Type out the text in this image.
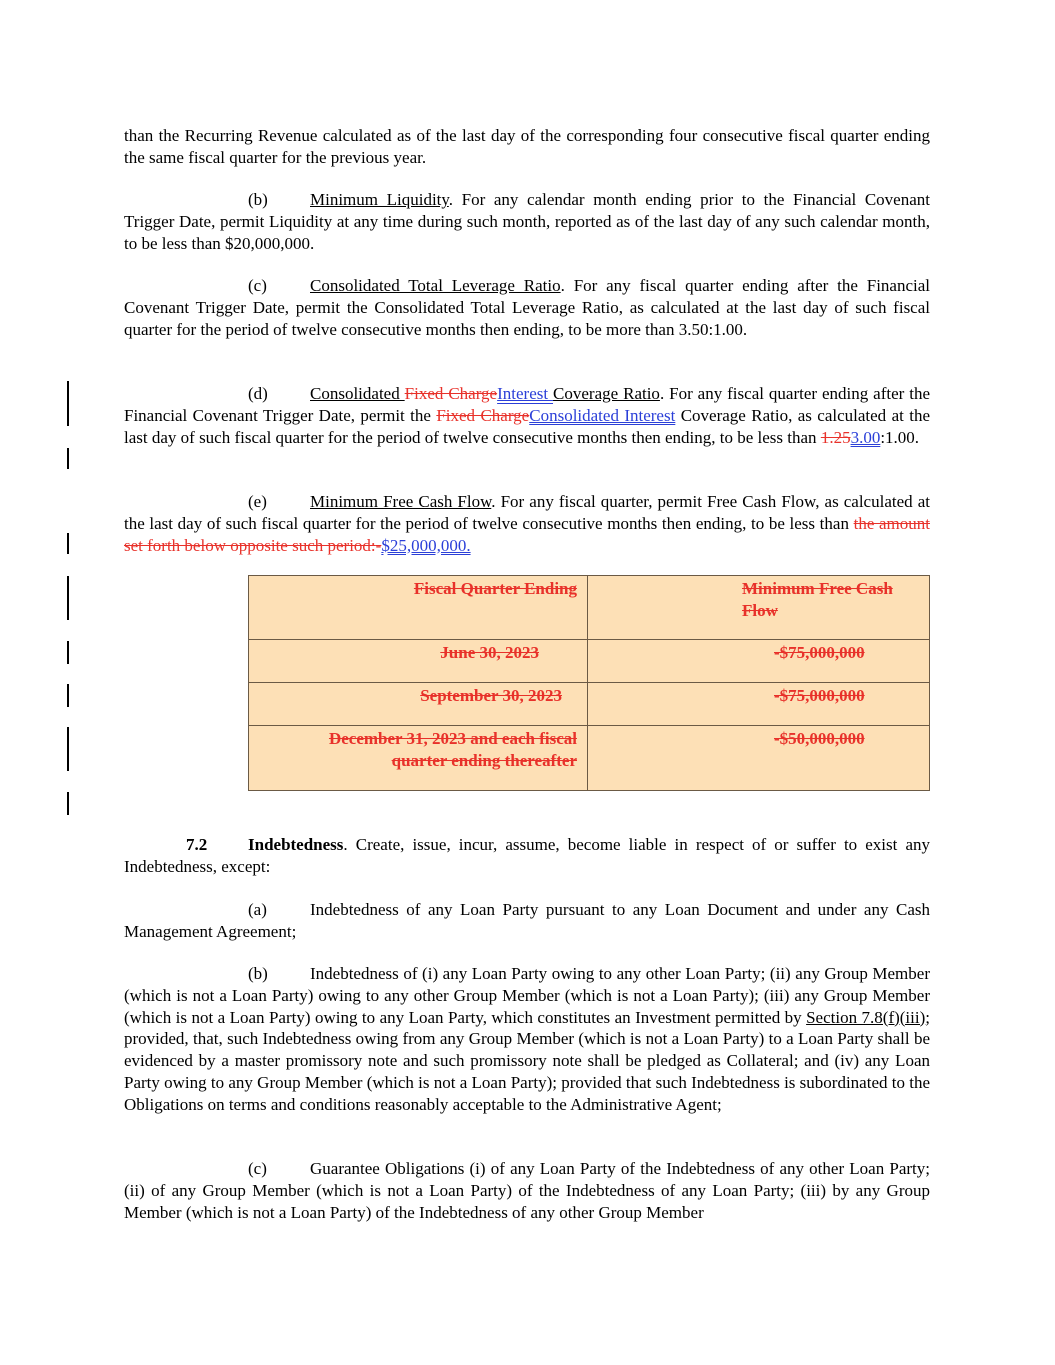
than the Recurring Revenue calculated as of the last day of the corresponding four consecutive fiscal quarter ending the same fiscal quarter for the previous year.

(b) Minimum Liquidity. For any calendar month ending prior to the Financial Covenant Trigger Date, permit Liquidity at any time during such month, reported as of the last day of any such calendar month, to be less than $20,000,000.

(c)	Consolidated Total Leverage Ratio. For any fiscal quarter ending after the Financial Covenant Trigger Date, permit the Consolidated Total Leverage Ratio, as calculated at the last day of such fiscal quarter for the period of twelve consecutive months then ending, to be more than 3.50:1.00.

(d) Consolidated Fixed ChargeInterest Coverage Ratio. For any fiscal quarter ending after the Financial Covenant Trigger Date, permit the Fixed ChargeConsolidated Interest Coverage Ratio, as calculated at the last day of such fiscal quarter for the period of twelve consecutive months then ending, to be less than 1.253.00:1.00.

(e)	Minimum Free Cash Flow. For any fiscal quarter, permit Free Cash Flow, as calculated at the last day of such fiscal quarter for the period of twelve consecutive months then ending, to be less than the amount set forth below opposite such period:-$25,000,000.

7.2 Indebtedness. Create, issue, incur, assume, become liable in respect of or suffer to exist any Indebtedness, except:

(a)	Indebtedness of any Loan Party pursuant to any Loan Document and under any Cash Management Agreement;

(b) Indebtedness of (i) any Loan Party owing to any other Loan Party; (ii) any Group Member (which is not a Loan Party) owing to any other Group Member (which is not a Loan Party); (iii) any Group Member (which is not a Loan Party) owing to any Loan Party, which constitutes an Investment permitted by Section 7.8(f)(iii); provided, that, such Indebtedness owing from any Group Member (which is not a Loan Party) to a Loan Party shall be evidenced by a master promissory note and such promissory note shall be pledged as Collateral; and (iv) any Loan Party owing to any Group Member (which is not a Loan Party); provided that such Indebtedness is subordinated to the Obligations on terms and conditions reasonably acceptable to the Administrative Agent;

(c)	Guarantee Obligations (i) of any Loan Party of the Indebtedness of any other Loan Party; (ii) of any Group Member (which is not a Loan Party) of the Indebtedness of any Loan Party; (iii) by any Group Member (which is not a Loan Party) of the Indebtedness of any other Group Member

Fiscal Quarter Ending	Minimum Free Cash Flow

June 30, 2023	-$75,000,000

September 30, 2023	-$75,000,000

December 31, 2023 and each fiscal quarter ending thereafter	-$50,000,000
